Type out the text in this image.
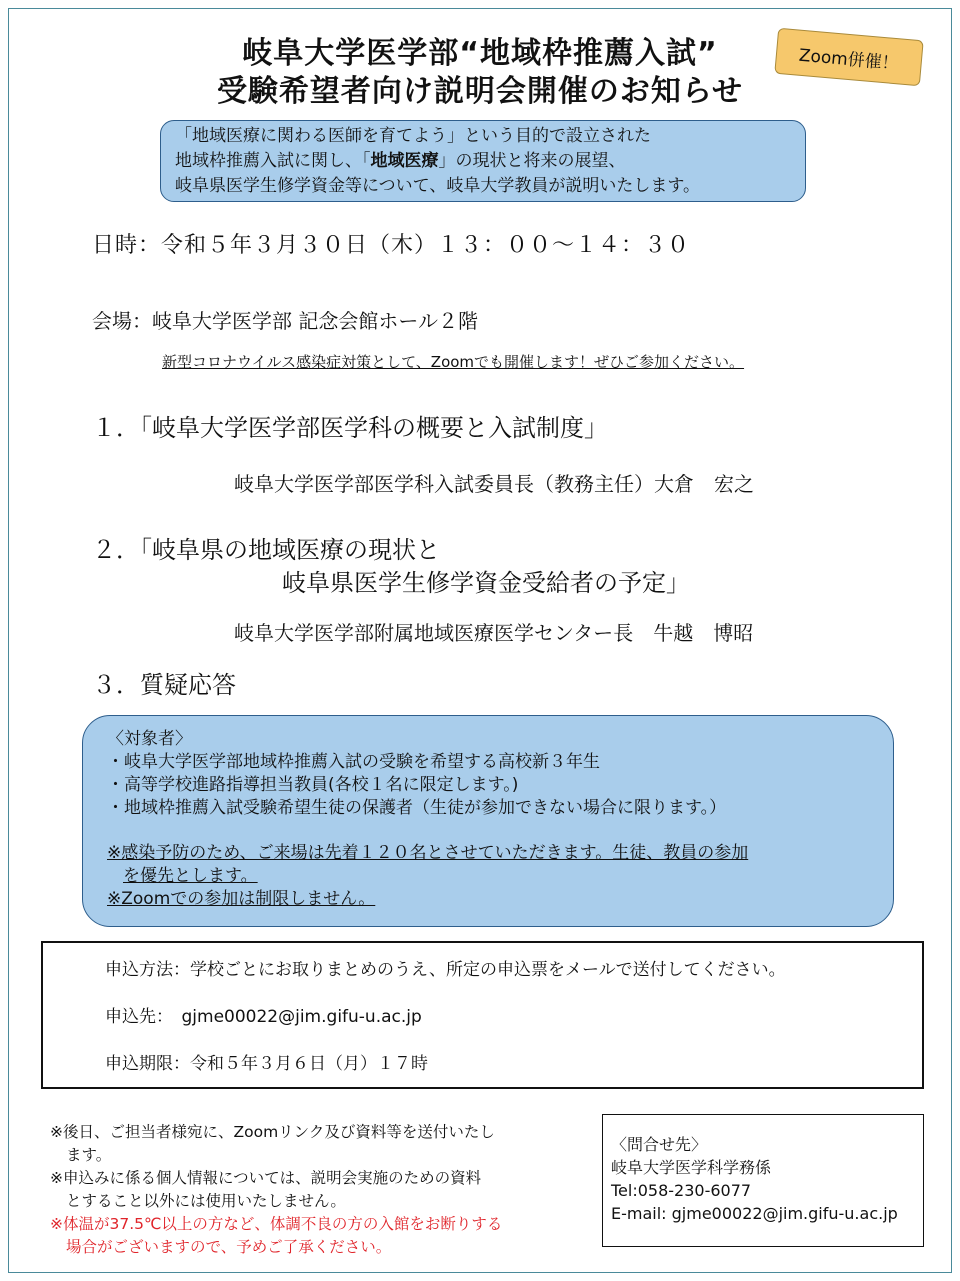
岐阜大学医学部“地域枠推薦入試”
受験希望者向け説明会開催のお知らせ
Zoom併催！
「地域医療に関わる医師を育てよう」という目的で設立された
地域枠推薦入試に関し、「地域医療」の現状と将来の展望、
岐阜県医学生修学資金等について、岐阜大学教員が説明いたします。
日時：令和５年３月３０日（木）１３：００～１４：３０
会場：岐阜大学医学部 記念会館ホール２階
新型コロナウイルス感染症対策として、Zoomでも開催します！ぜひご参加ください。
１．「岐阜大学医学部医学科の概要と入試制度」
岐阜大学医学部医学科入試委員長（教務主任）大倉　宏之
２．「岐阜県の地域医療の現状と
岐阜県医学生修学資金受給者の予定」
岐阜大学医学部附属地域医療医学センター長　牛越　博昭
３．質疑応答
〈対象者〉
・岐阜大学医学部地域枠推薦入試の受験を希望する高校新３年生
・高等学校進路指導担当教員(各校１名に限定します。)
・地域枠推薦入試受験希望生徒の保護者（生徒が参加できない場合に限ります。）
※感染予防のため、ご来場は先着１２０名とさせていただきます。生徒、教員の参加
を優先とします。
※Zoomでの参加は制限しません。
申込方法：学校ごとにお取りまとめのうえ、所定の申込票をメールで送付してください。
申込先：　gjme00022@jim.gifu-u.ac.jp
申込期限：令和５年３月６日（月）１７時
※後日、ご担当者様宛に、Zoomリンク及び資料等を送付いたし
ます。
※申込みに係る個人情報については、説明会実施のための資料
とすること以外には使用いたしません。
※体温が37.5℃以上の方など、体調不良の方の入館をお断りする
場合がございますので、予めご了承ください。
〈問合せ先〉
岐阜大学医学科学務係
Tel:058-230-6077
E-mail: gjme00022@jim.gifu-u.ac.jp
